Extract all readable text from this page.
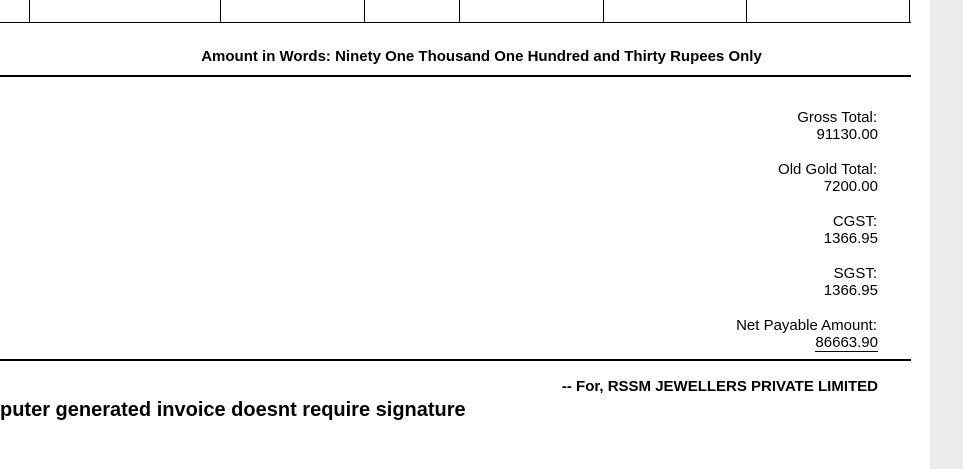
Amount in Words: Ninety One Thousand One Hundred and Thirty Rupees Only
Gross Total:
91130.00
Old Gold Total:
7200.00
CGST:
1366.95
SGST:
1366.95
Net Payable Amount:
86663.90
-- For, RSSM JEWELLERS PRIVATE LIMITED
puter generated invoice doesnt require signature
